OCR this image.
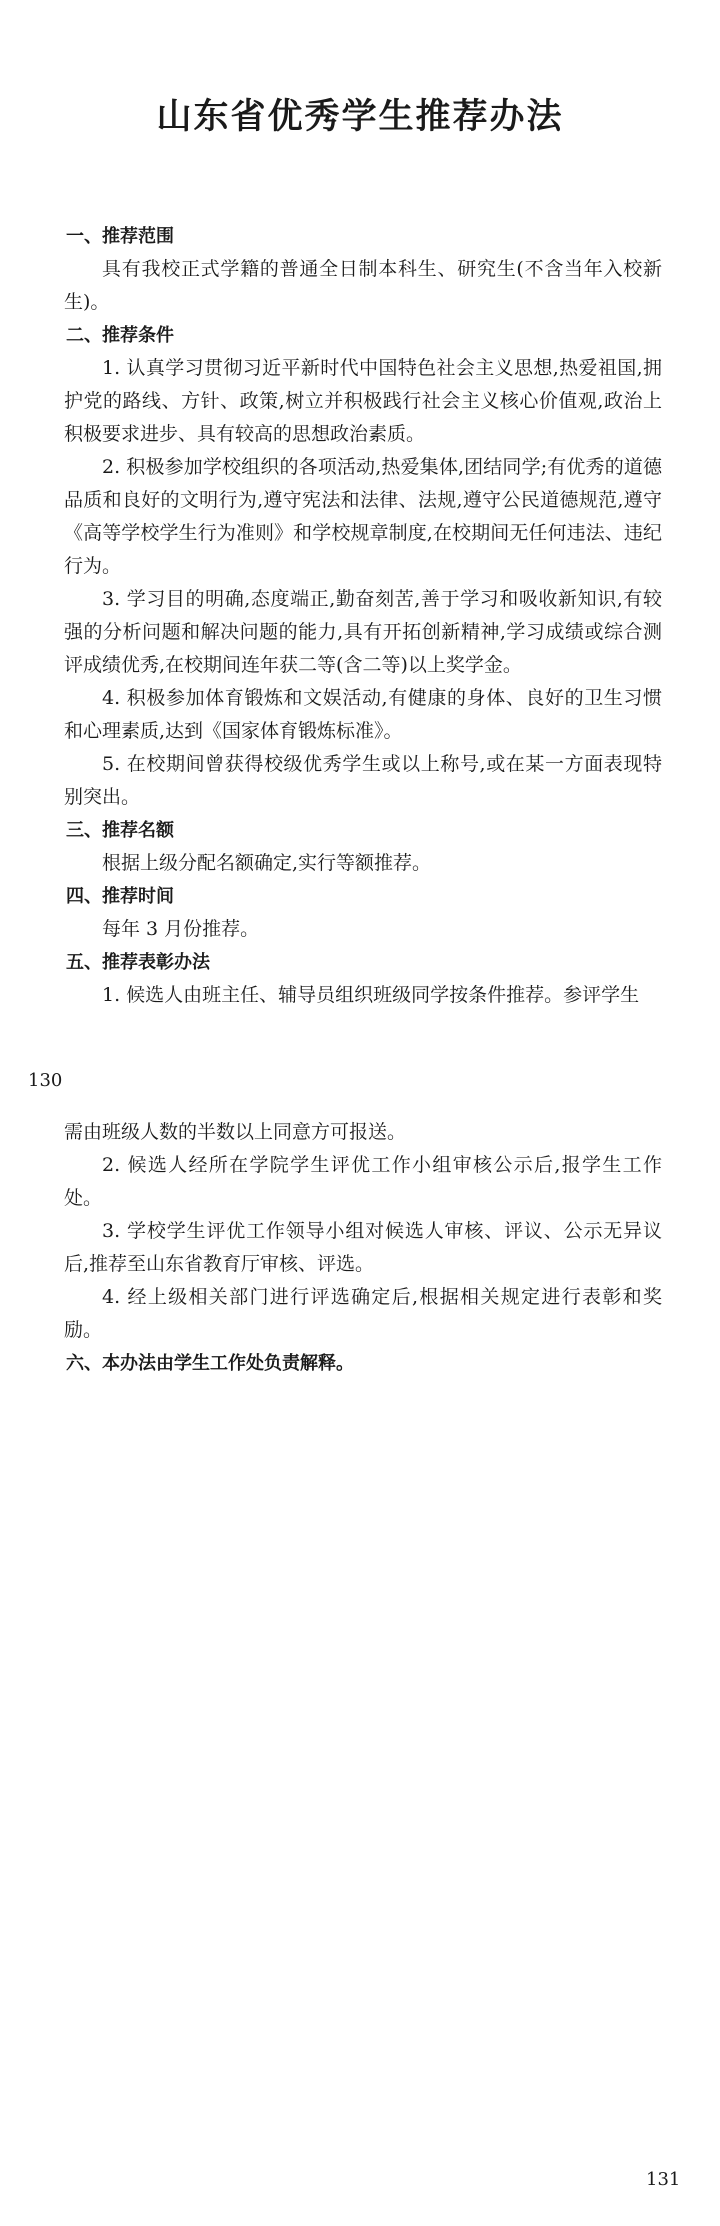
山东省优秀学生推荐办法
一、推荐范围

具有我校正式学籍的普通全日制本科生、研究生(不含当年入校新生)。

二、推荐条件

1. 认真学习贯彻习近平新时代中国特色社会主义思想,热爱祖国,拥护党的路线、方针、政策,树立并积极践行社会主义核心价值观,政治上积极要求进步、具有较高的思想政治素质。

2. 积极参加学校组织的各项活动,热爱集体,团结同学;有优秀的道德品质和良好的文明行为,遵守宪法和法律、法规,遵守公民道德规范,遵守《高等学校学生行为准则》和学校规章制度,在校期间无任何违法、违纪行为。

3. 学习目的明确,态度端正,勤奋刻苦,善于学习和吸收新知识,有较强的分析问题和解决问题的能力,具有开拓创新精神,学习成绩或综合测评成绩优秀,在校期间连年获二等(含二等)以上奖学金。

4. 积极参加体育锻炼和文娱活动,有健康的身体、良好的卫生习惯和心理素质,达到《国家体育锻炼标准》。

5. 在校期间曾获得校级优秀学生或以上称号,或在某一方面表现特别突出。

三、推荐名额

根据上级分配名额确定,实行等额推荐。

四、推荐时间

每年 3 月份推荐。

五、推荐表彰办法

1. 候选人由班主任、辅导员组织班级同学按条件推荐。参评学生

130

需由班级人数的半数以上同意方可报送。

2. 候选人经所在学院学生评优工作小组审核公示后,报学生工作处。

3. 学校学生评优工作领导小组对候选人审核、评议、公示无异议后,推荐至山东省教育厅审核、评选。

4. 经上级相关部门进行评选确定后,根据相关规定进行表彰和奖励。

六、本办法由学生工作处负责解释。
131
